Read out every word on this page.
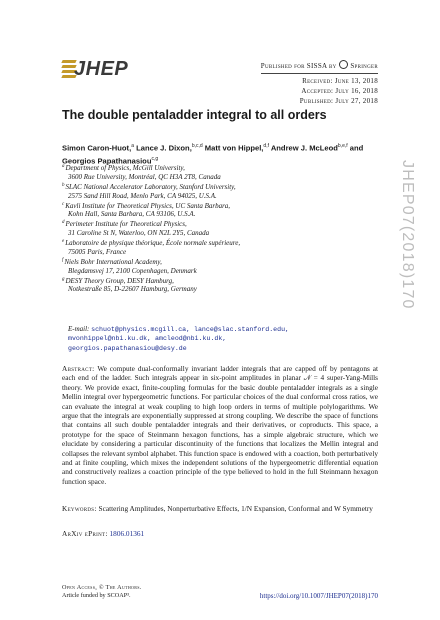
JHEP	Published for SISSA by Springer
Received: June 13, 2018
Accepted: July 16, 2018
Published: July 27, 2018
The double pentaladder integral to all orders
Simon Caron-Huot,$^a$ Lance J. Dixon,$^{b,c,d}$ Matt von Hippel,$^{d,f}$ Andrew J. McLeod$^{b,e,f}$ and Georgios Papathanasiou$^{c,g}$
$^a$Department of Physics, McGill University,
3600 Rue University, Montréal, QC H3A 2T8, Canada
$^b$SLAC National Accelerator Laboratory, Stanford University,
2575 Sand Hill Road, Menlo Park, CA 94025, U.S.A.
$^c$Kavli Institute for Theoretical Physics, UC Santa Barbara,
Kohn Hall, Santa Barbara, CA 93106, U.S.A.
$^d$Perimeter Institute for Theoretical Physics,
31 Caroline St N, Waterloo, ON N2L 2Y5, Canada
$^e$Laboratoire de physique théorique, École normale supérieure,
75005 Paris, France
$^f$Niels Bohr International Academy,
Blegdamsvej 17, 2100 Copenhagen, Denmark
$^g$DESY Theory Group, DESY Hamburg,
Notkestraße 85, D-22607 Hamburg, Germany
E-mail: schuot@physics.mcgill.ca, lance@slac.stanford.edu,
mvonhippel@nbi.ku.dk, amcleod@nbi.ku.dk,
georgios.papathanasiou@desy.de
Abstract: We compute dual-conformally invariant ladder integrals that are capped off by pentagons at each end of the ladder. Such integrals appear in six-point amplitudes in planar 𝒩 = 4 super-Yang-Mills theory. We provide exact, finite-coupling formulas for the basic double pentaladder integrals as a single Mellin integral over hypergeometric functions. For particular choices of the dual conformal cross ratios, we can evaluate the integral at weak coupling to high loop orders in terms of multiple polylogarithms. We argue that the integrals are exponentially suppressed at strong coupling. We describe the space of functions that contains all such double pentaladder integrals and their derivatives, or coproducts. This space, a prototype for the space of Steinmann hexagon functions, has a simple algebraic structure, which we elucidate by considering a particular discontinuity of the functions that localizes the Mellin integral and collapses the relevant symbol alphabet. This function space is endowed with a coaction, both perturbatively and at finite coupling, which mixes the independent solutions of the hypergeometric differential equation and constructively realizes a coaction principle of the type believed to hold in the full Steinmann hexagon function space.
Keywords: Scattering Amplitudes, Nonperturbative Effects, 1/N Expansion, Conformal and W Symmetry
ArXiv ePrint: 1806.01361
Open Access, © The Authors.
Article funded by SCOAP³.	https://doi.org/10.1007/JHEP07(2018)170
JHEP07(2018)170
